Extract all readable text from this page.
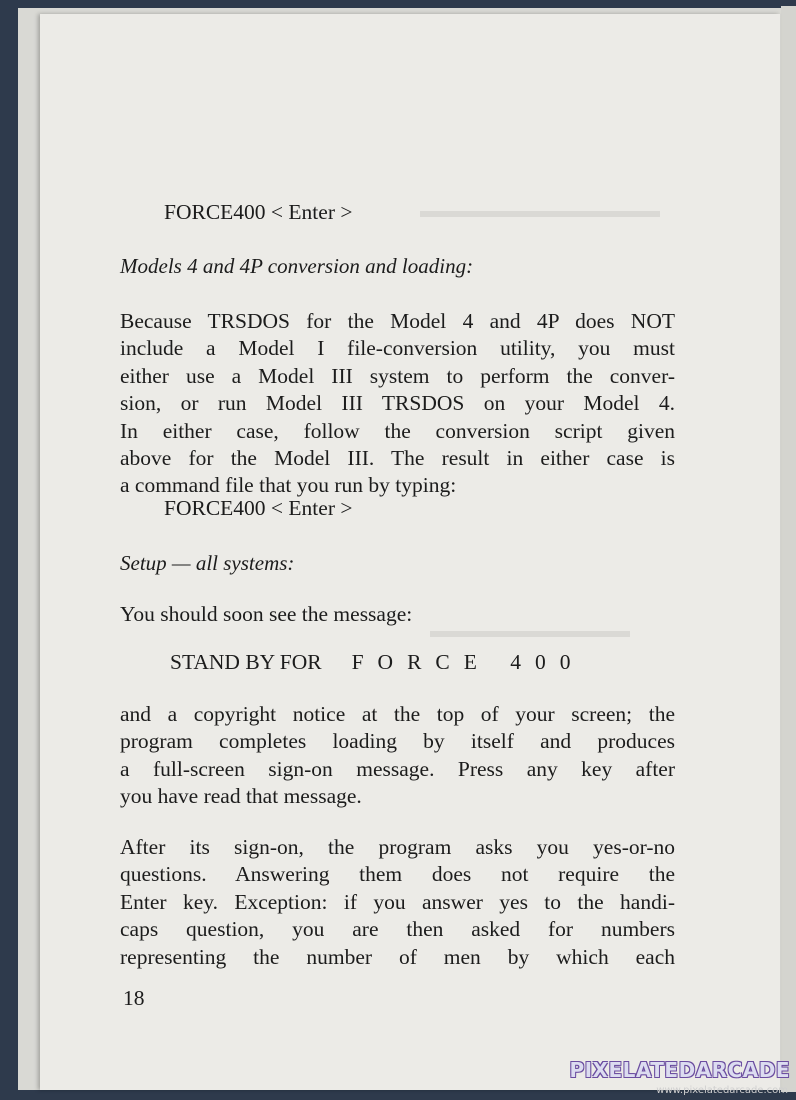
▬▬▬▬▬▬▬▬▬▬▬▬
▬▬▬▬▬▬▬▬▬▬
FORCE400 < Enter >
Models 4 and 4P conversion and loading:
Because TRSDOS for the Model 4 and 4P does NOT
include a Model I file-conversion utility, you must
either use a Model III system to perform the conver-
sion, or run Model III TRSDOS on your Model 4.
In either case, follow the conversion script given
above for the Model III. The result in either case is
a command file that you run by typing:
FORCE400 < Enter >
Setup — all systems:
You should soon see the message:
STAND BY FOR FORCE 400
and a copyright notice at the top of your screen; the
program completes loading by itself and produces
a full-screen sign-on message. Press any key after
you have read that message.
After its sign-on, the program asks you yes-or-no
questions. Answering them does not require the
Enter key. Exception: if you answer yes to the handi-
caps question, you are then asked for numbers
representing the number of men by which each
18
PIXELATEDARCADE
www.pixelatedarcade.com
